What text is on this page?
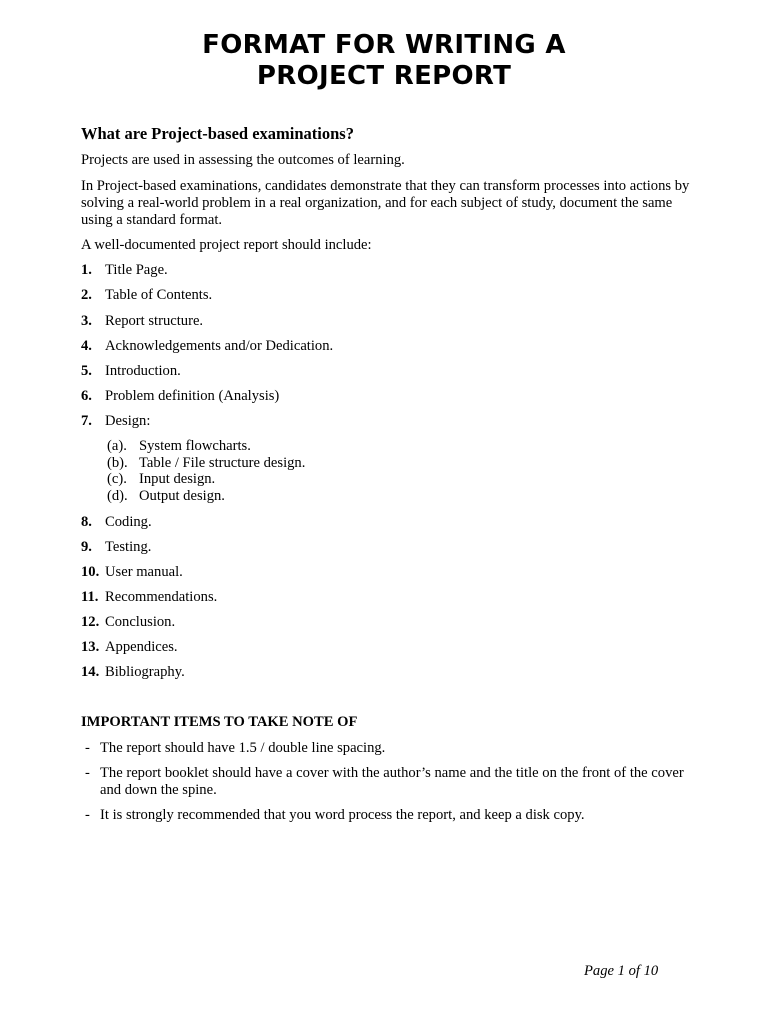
FORMAT FOR WRITING A
PROJECT REPORT
What are Project-based examinations?
Projects are used in assessing the outcomes of learning.
In Project-based examinations, candidates demonstrate that they can transform processes into actions by solving a real-world problem in a real organization, and for each subject of study, document the same using a standard format.
A well-documented project report should include:
1. Title Page.
2. Table of Contents.
3. Report structure.
4. Acknowledgements and/or Dedication.
5. Introduction.
6. Problem definition (Analysis)
7. Design:
(a). System flowcharts.
(b). Table / File structure design.
(c). Input design.
(d). Output design.
8. Coding.
9. Testing.
10. User manual.
11. Recommendations.
12. Conclusion.
13. Appendices.
14. Bibliography.
IMPORTANT ITEMS TO TAKE NOTE OF
- The report should have 1.5 / double line spacing.
- The report booklet should have a cover with the author’s name and the title on the front of the cover and down the spine.
- It is strongly recommended that you word process the report, and keep a disk copy.
Page 1 of 10
